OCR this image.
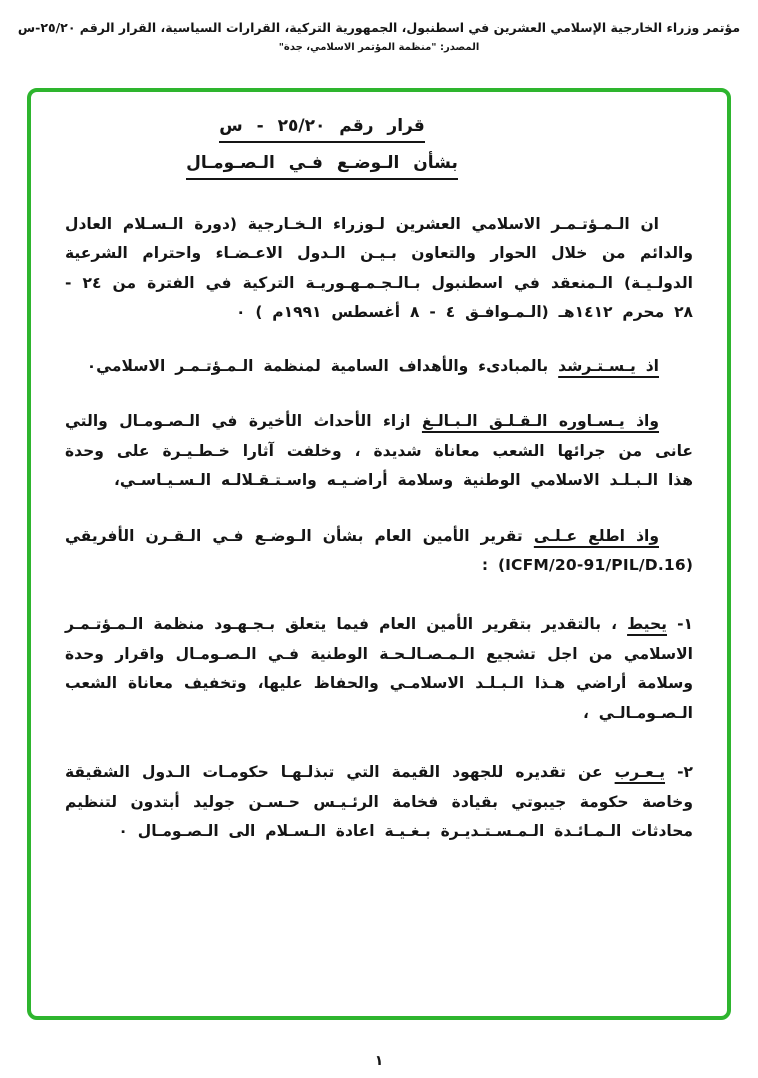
مؤتمر وزراء الخارجية الإسلامي العشرين في اسطنبول، الجمهورية التركية، القرارات السياسية، القرار الرقم ٢٥/٢٠-س
المصدر: "منظمة المؤتمر الاسلامي، جدة"
قرار رقم ٢٥/٢٠ - س
بشأن الـوضـع فـي الـصـومـال

ان الـمـؤتـمـر الاسلامي العشرين لـوزراء الـخـارجية (دورة الـسـلام العادل والدائم من خلال الحوار والتعاون بـيـن الـدول الاعـضـاء واحترام الشرعية الدولـيـة) الـمنعقد في اسطنبول بـالـجـمـهـوريـة التركية في الفترة من ٢٤ - ٢٨ محرم ١٤١٢هـ (الـمـوافـق ٤ - ٨ أغسطس ١٩٩١م ) ٠

اذ يـسـتـرشد بالمبادىء والأهداف السامية لمنظمة الـمـؤتـمـر الاسلامي٠

واذ يـسـاوره الـقـلـق الـبـالـغ ازاء الأحداث الأخيرة في الـصـومـال والتي عانى من جرائها الشعب معاناة شديدة ، وخلفت آثارا خـطـيـرة على وحدة هذا الـبـلـد الاسلامي الوطنية وسلامة أراضـيـه واسـتـقـلالـه الـسـيـاسـي،

واذ اطلع عـلـى تقرير الأمين العام بشأن الـوضـع فـي الـقـرن الأفريقي (ICFM/20-91/PIL/D.16) :

١- يحيط ، بالتقدير بتقرير الأمين العام فيما يتعلق بـجـهـود منظمة الـمـؤتـمـر الاسلامي من اجل تشجيع الـمـصـالـحـة الوطنية فـي الـصـومـال واقرار وحدة وسلامة أراضي هـذا الـبـلـد الاسلامـي والحفاظ عليها، وتخفيف معاناة الشعب الـصـومـالـي ،

٢- يـعـرب عن تقديره للجهود القيمة التي تبذلـهـا حكومـات الـدول الشقيقة وخاصة حكومة جيبوتي بقيادة فخامة الرئـيـس حـسـن جوليد أبتدون لتنظيم محادثات الـمـائـدة الـمـسـتـديـرة بـغـيـة اعادة الـسـلام الى الـصـومـال ٠

١
